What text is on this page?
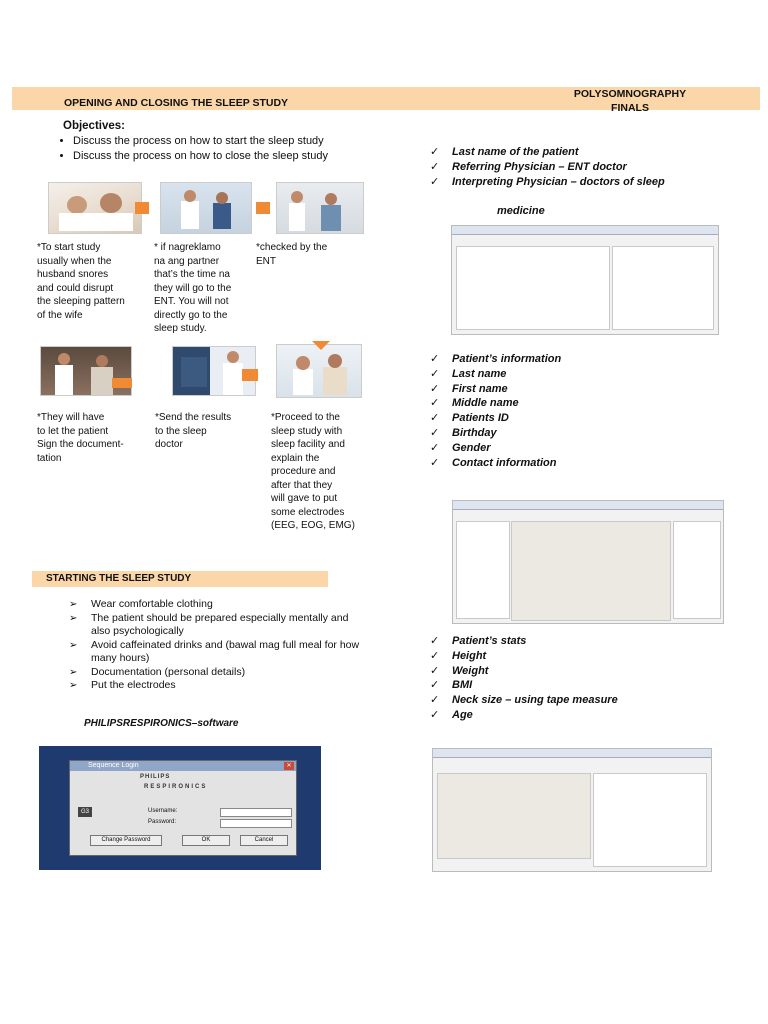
OPENING AND CLOSING THE SLEEP STUDY
POLYSOMNOGRAPHY
FINALS
Objectives:
• Discuss the process on how to start the sleep study
• Discuss the process on how to close the sleep study
*To start study
usually when the
husband snores
and could disrupt
the sleeping pattern
of the wife
* if nagreklamo
na ang partner
that’s the time na
they will go to the
ENT. You will not
directly go to the
sleep study.
*checked by the
ENT
*They will have
to let the patient
Sign the document-
tation
*Send the results
to the sleep
doctor
*Proceed to the
sleep study with
sleep facility and
explain the
procedure and
after that they
will gave to put
some electrodes
(EEG, EOG, EMG)
STARTING THE SLEEP STUDY
➢ Wear comfortable clothing
➢ The patient should be prepared especially mentally and also psychologically
➢ Avoid caffeinated drinks and (bawal mag full meal for how many hours)
➢ Documentation (personal details)
➢ Put the electrodes
PHILIPSRESPIRONICS–software
Sequence Login	✕
PHILIPS
RESPIRONICS
G3	Username:
Password:
Change Password	OK	Cancel
✓ Last name of the patient
✓ Referring Physician – ENT doctor
✓ Interpreting Physician – doctors of sleep
medicine
✓ Patient’s information
✓ Last name
✓ First name
✓ Middle name
✓ Patients ID
✓ Birthday
✓ Gender
✓ Contact information
✓ Patient’s stats
✓ Height
✓ Weight
✓ BMI
✓ Neck size – using tape measure
✓ Age
